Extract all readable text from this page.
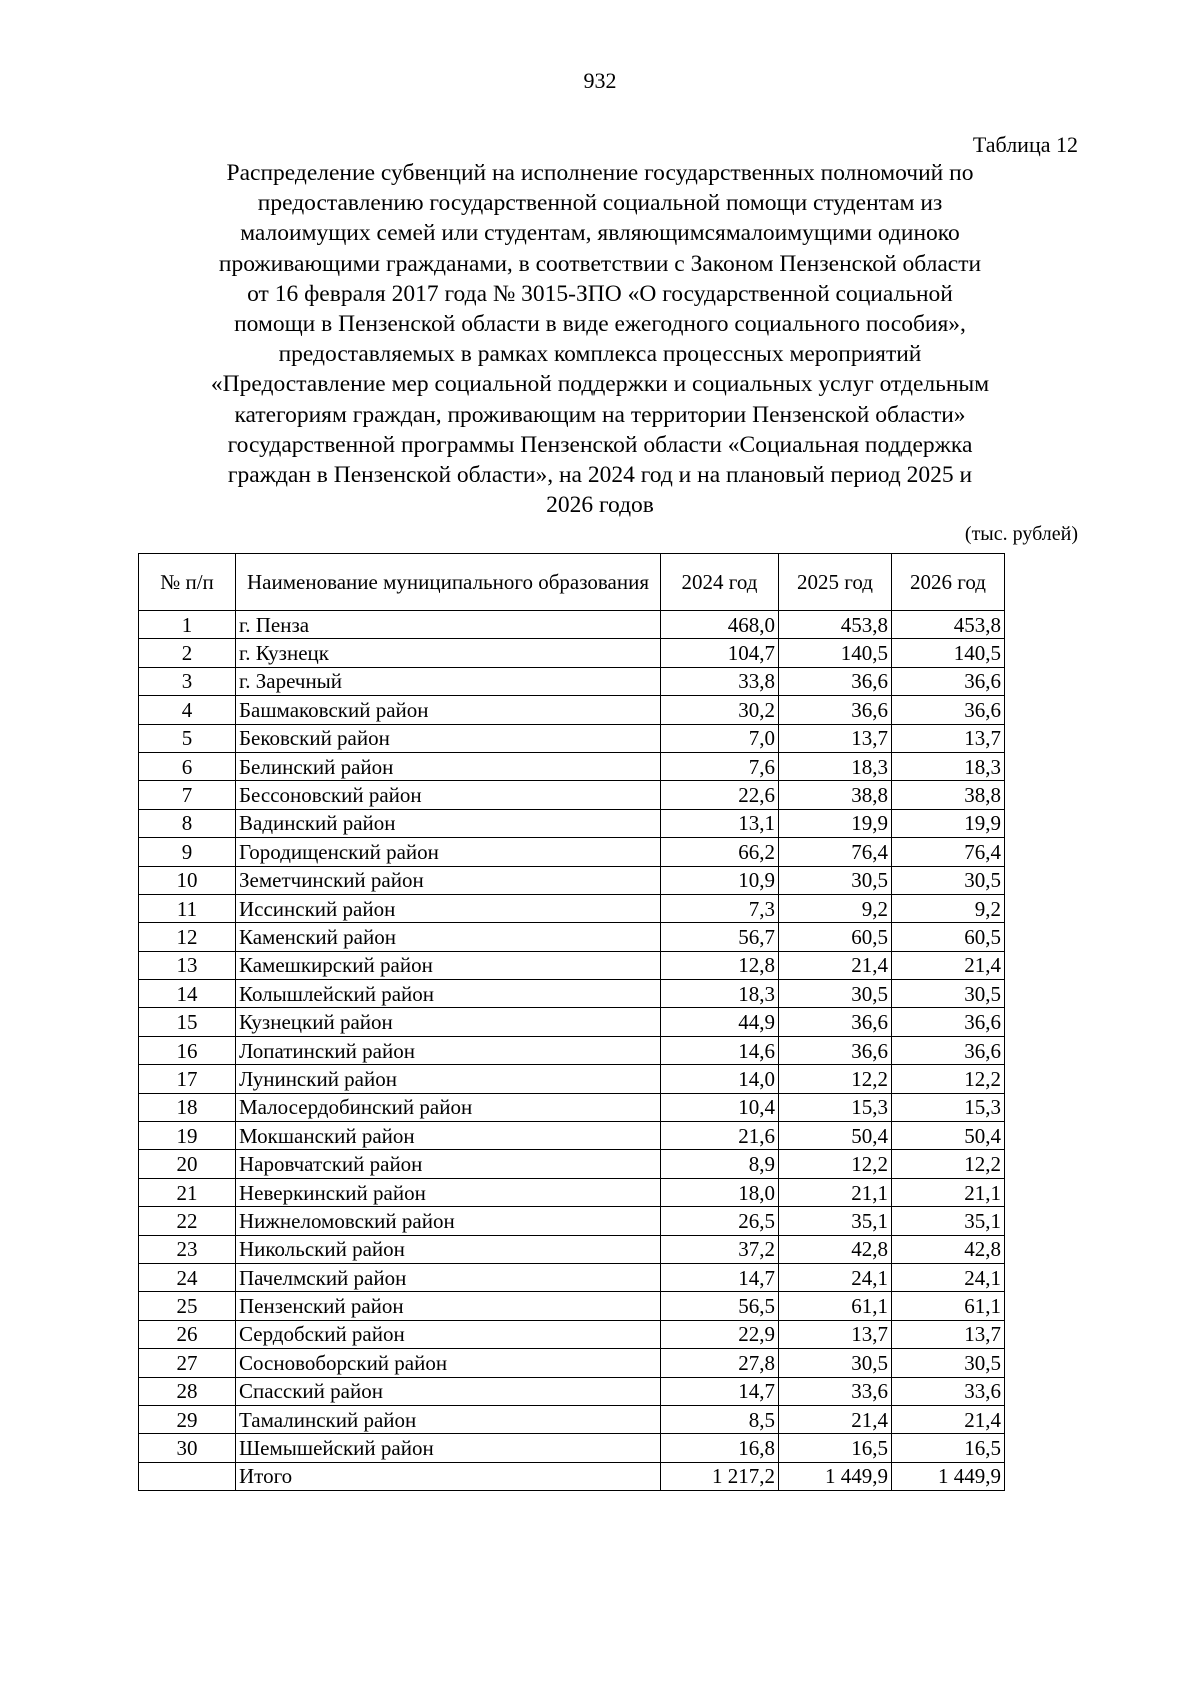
932
Таблица 12
Распределение субвенций на исполнение государственных полномочий по
предоставлению государственной социальной помощи студентам из
малоимущих семей или студентам, являющимсямалоимущими одиноко
проживающими гражданами, в соответствии с Законом Пензенской области
от 16 февраля 2017 года № 3015-ЗПО «О государственной социальной
помощи в Пензенской области в виде ежегодного социального пособия»,
предоставляемых в рамках комплекса процессных мероприятий
«Предоставление мер социальной поддержки и социальных услуг отдельным
категориям граждан, проживающим на территории Пензенской области»
государственной программы Пензенской области «Социальная поддержка
граждан в Пензенской области», на 2024 год и на плановый период 2025 и
2026 годов
(тыс. рублей)
№ п/п	Наименование муниципального образования	2024 год	2025 год	2026 год
1	г. Пенза	468,0	453,8	453,8
2	г. Кузнецк	104,7	140,5	140,5
3	г. Заречный	33,8	36,6	36,6
4	Башмаковский район	30,2	36,6	36,6
5	Бековский район	7,0	13,7	13,7
6	Белинский район	7,6	18,3	18,3
7	Бессоновский район	22,6	38,8	38,8
8	Вадинский район	13,1	19,9	19,9
9	Городищенский район	66,2	76,4	76,4
10	Земетчинский район	10,9	30,5	30,5
11	Иссинский район	7,3	9,2	9,2
12	Каменский район	56,7	60,5	60,5
13	Камешкирский район	12,8	21,4	21,4
14	Колышлейский район	18,3	30,5	30,5
15	Кузнецкий район	44,9	36,6	36,6
16	Лопатинский район	14,6	36,6	36,6
17	Лунинский район	14,0	12,2	12,2
18	Малосердобинский район	10,4	15,3	15,3
19	Мокшанский район	21,6	50,4	50,4
20	Наровчатский район	8,9	12,2	12,2
21	Неверкинский район	18,0	21,1	21,1
22	Нижнеломовский район	26,5	35,1	35,1
23	Никольский район	37,2	42,8	42,8
24	Пачелмский район	14,7	24,1	24,1
25	Пензенский район	56,5	61,1	61,1
26	Сердобский район	22,9	13,7	13,7
27	Сосновоборский район	27,8	30,5	30,5
28	Спасский район	14,7	33,6	33,6
29	Тамалинский район	8,5	21,4	21,4
30	Шемышейский район	16,8	16,5	16,5
	Итого	1 217,2	1 449,9	1 449,9
